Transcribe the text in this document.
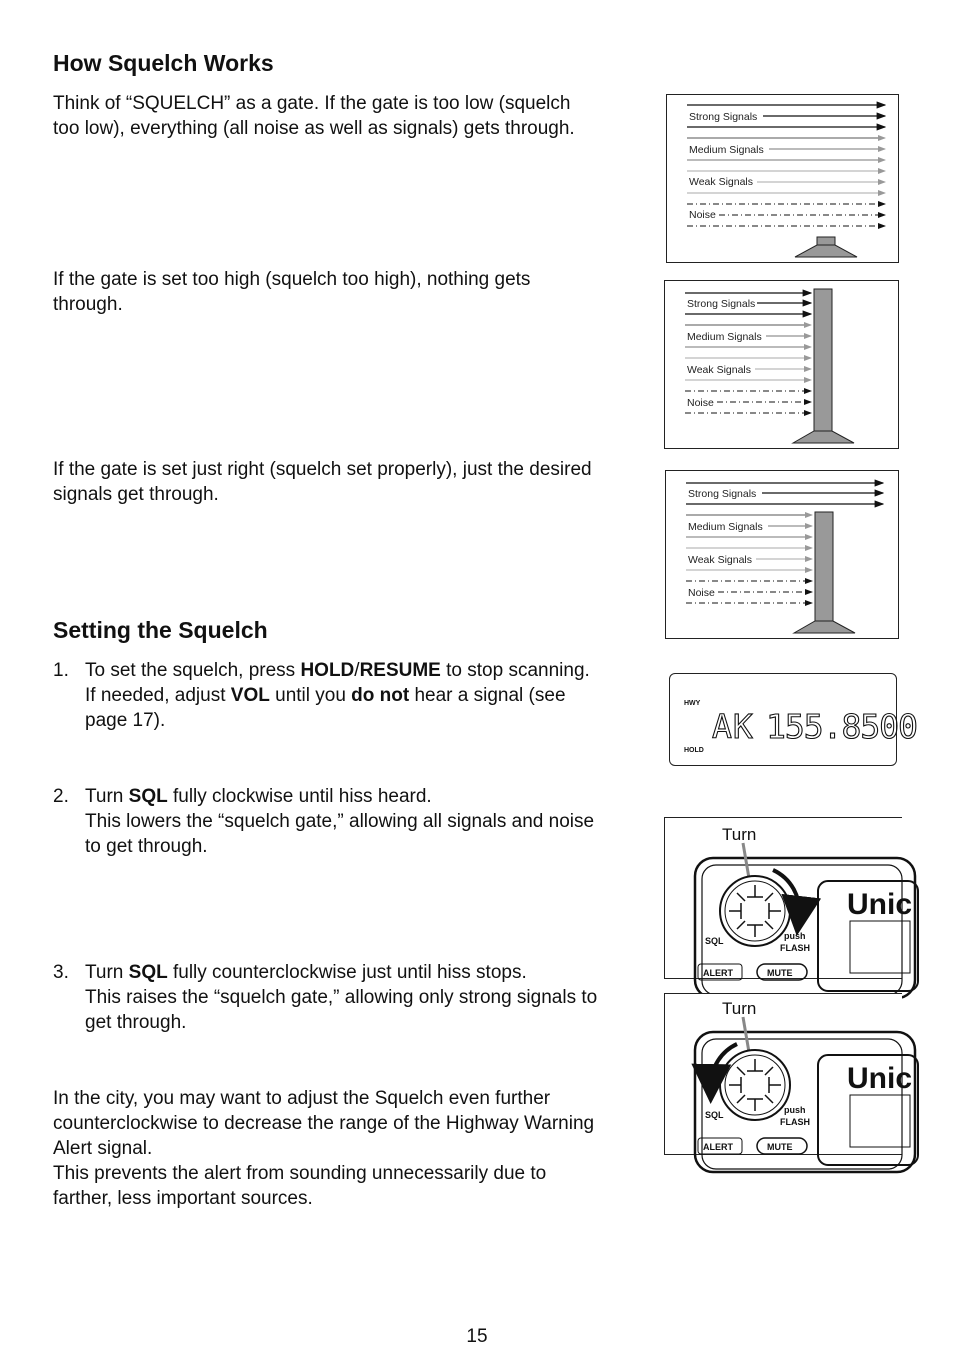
How Squelch Works
Think of “SQUELCH” as a gate. If the gate is too low (squelch
too low), everything (all noise as well as signals) gets through.
If the gate is set too high (squelch too high), nothing gets
through.
If the gate is set just right (squelch set properly), just the desired
signals get through.
Strong Signals
Medium Signals
Weak Signals
Noise
Strong Signals
Medium Signals
Weak Signals
Noise
Strong Signals
Medium Signals
Weak Signals
Noise
Setting the Squelch
1. To set the squelch, press HOLD/RESUME to stop scanning.
If needed, adjust VOL until you do not hear a signal (see
page 17).
2. Turn SQL fully clockwise until hiss heard.
This lowers the “squelch gate,” allowing all signals and noise
to get through.
3. Turn SQL fully counterclockwise just until hiss stops.
This raises the “squelch gate,” allowing only strong signals to
get through.
In the city, you may want to adjust the Squelch even further
counterclockwise to decrease the range of the Highway Warning
Alert signal.
This prevents the alert from sounding unnecessarily due to
farther, less important sources.
HWY
HOLD
AK 155.8500
Turn
Unic
SQL	push
FLASH
ALERT	MUTE
Turn
Unic
SQL	push
FLASH
ALERT	MUTE
15
